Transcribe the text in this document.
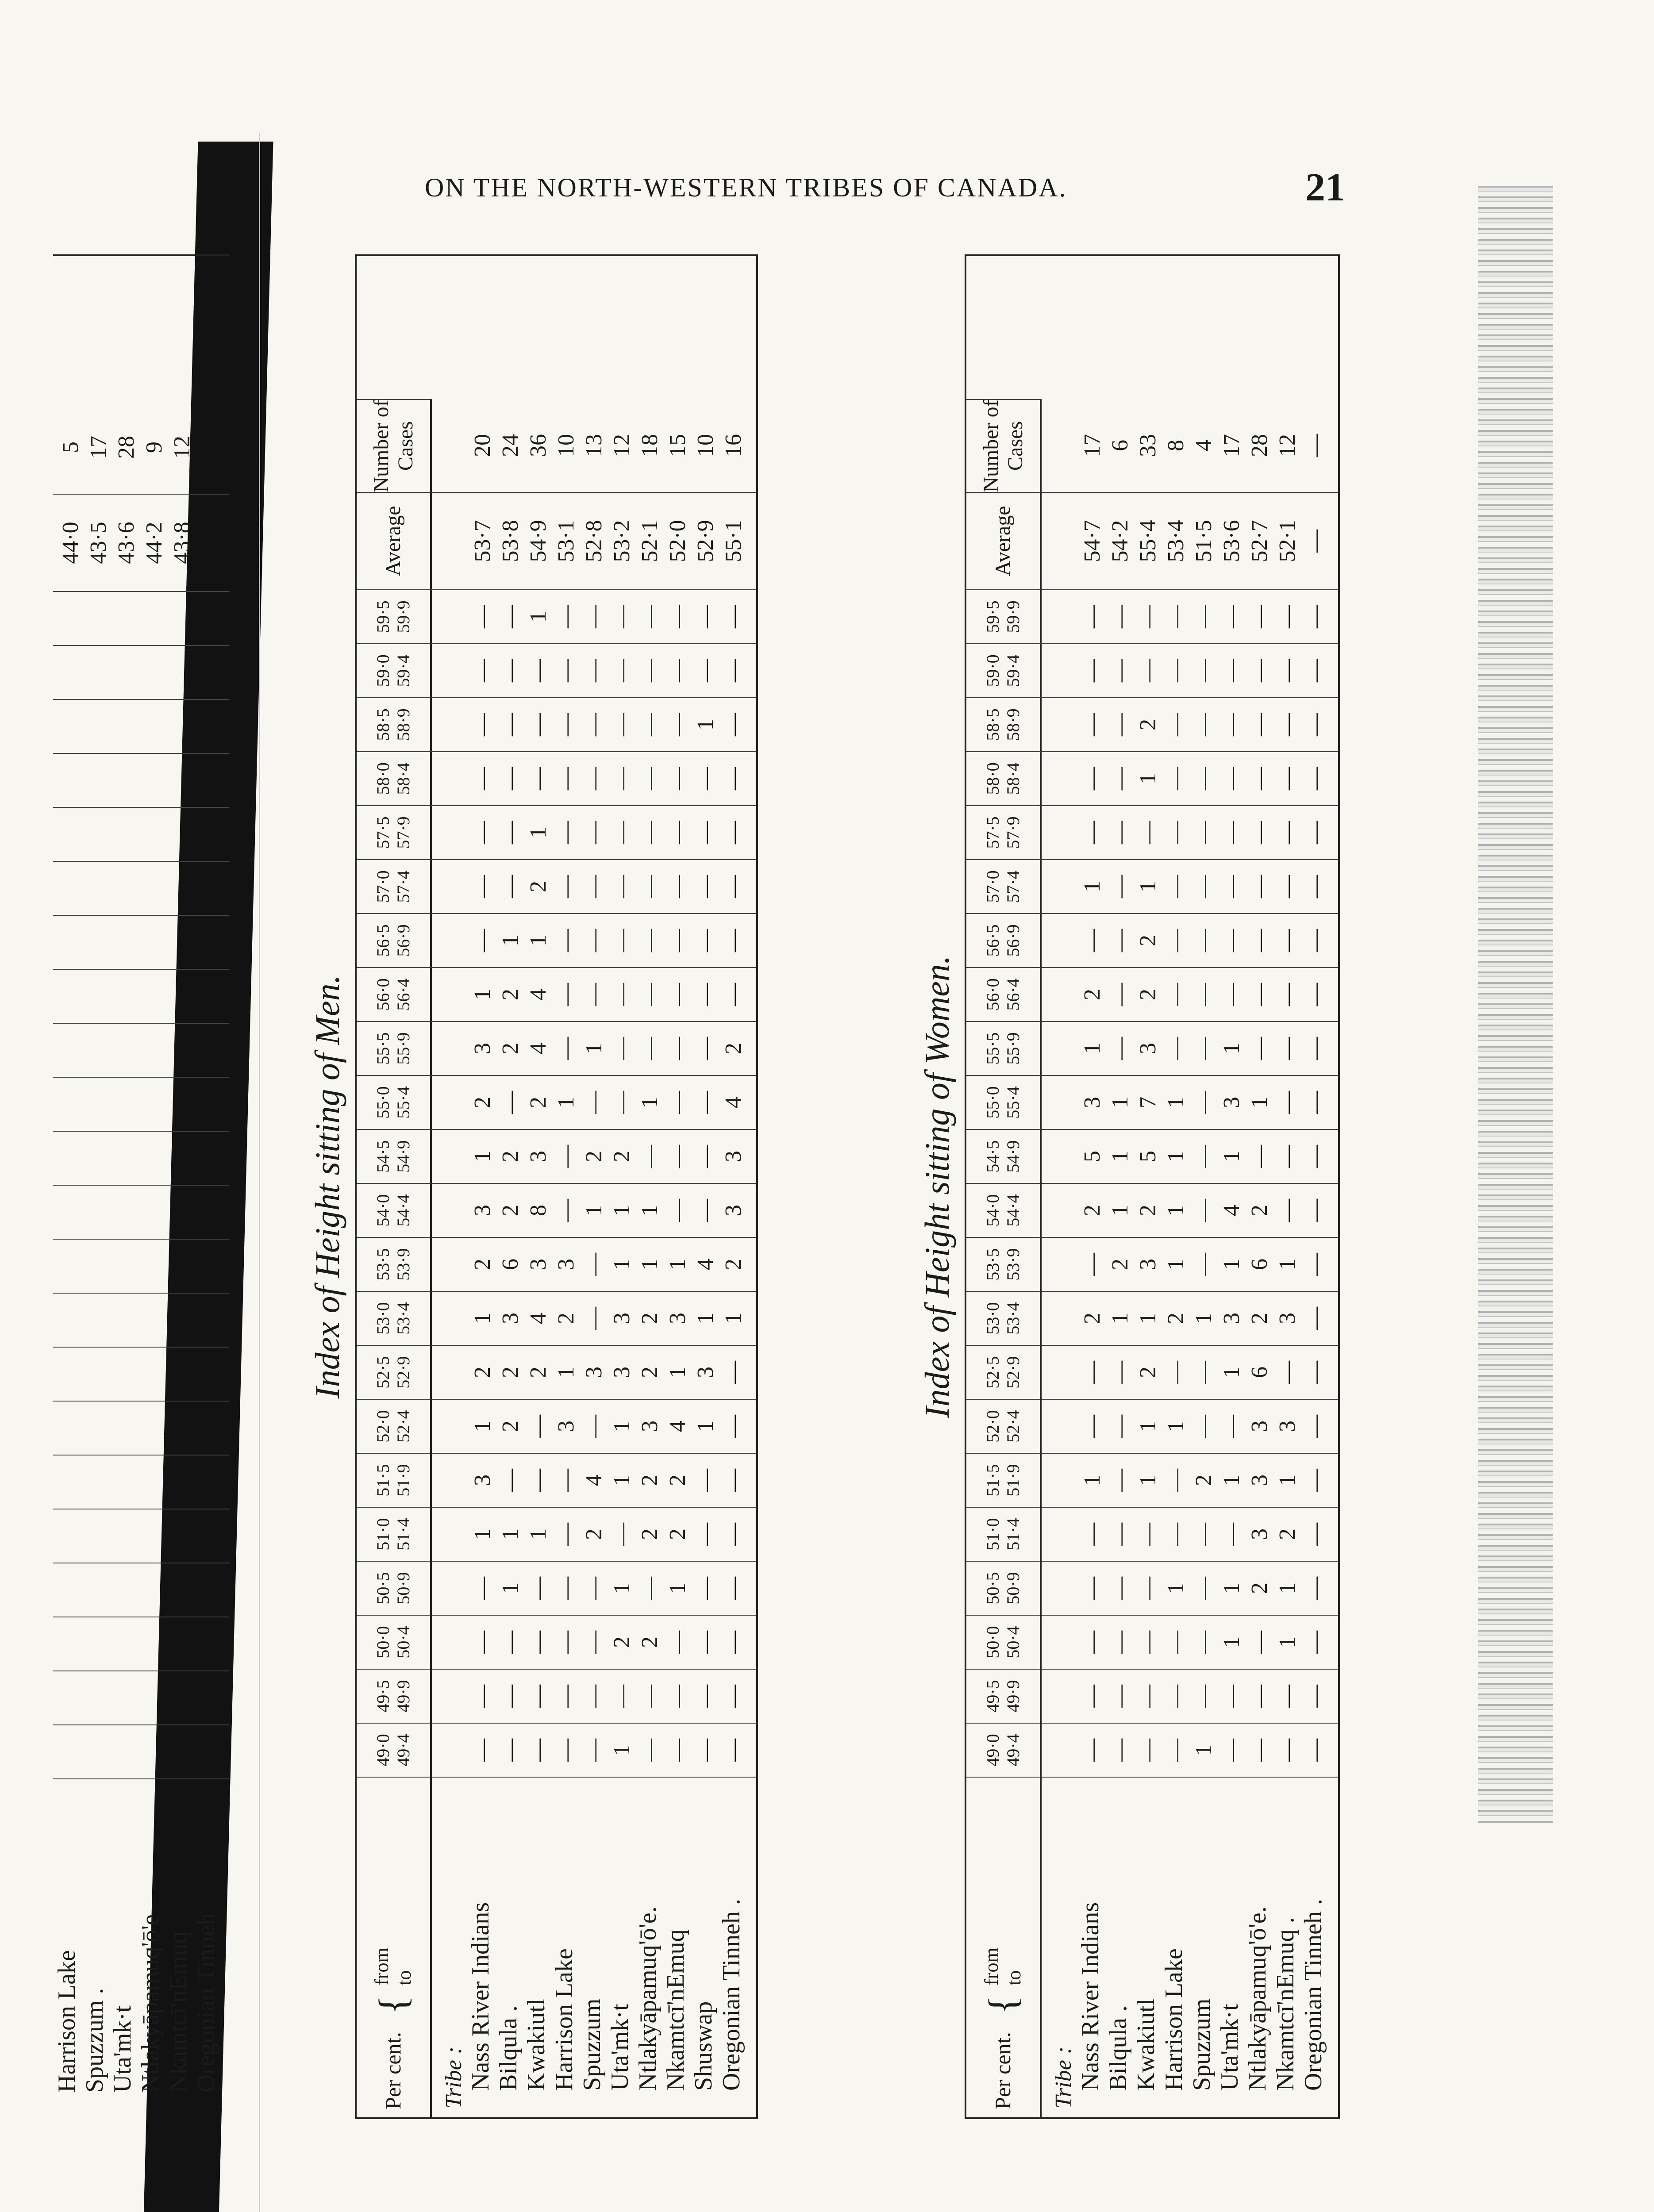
ON THE NORTH-WESTERN TRIBES OF CANADA.	21
Harrison Lake Spuzzum . Uta'mk·t Ntlakyāpamuq'ō'e Nkamtcī'nEmuq Oregonian Tinneh
44·0 43·5 43·6 44·2 43·8
5 17 28 9 12
Index of Height sitting of Men.
Per cent.
{
from to
49·0 49·4
49·5 49·9
50·0 50·4
50·5 50·9
51·0 51·4
51·5 51·9
52·0 52·4
52·5 52·9
53·0 53·4
53·5 53·9
54·0 54·4
54·5 54·9
55·0 55·4
55·5 55·9
56·0 56·4
56·5 56·9
57·0 57·4
57·5 57·9
58·0 58·4
58·5 58·9
59·0 59·4
59·5 59·9
Average
Number of Cases
Tribe : Nass River Indians Bilqula . Kwakiutl Harrison Lake Spuzzum Uta'mk·t Ntlakyāpamuq'ō'e. Nkamtcī'nEmuq Shuswap Oregonian Tinneh .
— — — — — 1 — — — —
— — — — — — — — — —
— — — — — 2 2 — — —
— 1 — — — 1 — 1 — —
1 1 1 — 2 — 2 2 — —
3 — — — 4 1 2 2 — —
1 2 — 3 — 1 3 4 1 —
2 2 2 1 3 3 2 1 3 —
1 3 4 2 — 3 2 3 1 1
2 6 3 3 — 1 1 1 4 2
3 2 8 — 1 1 1 — — 3
1 2 3 — 2 2 — — — 3
2 — 2 1 — — 1 — — 4
3 2 4 — 1 — — — — 2
1 2 4 — — — — — — —
— 1 1 — — — — — — —
— — 2 — — — — — — —
— — 1 — — — — — — —
— — — — — — — — — —
— — — — — — — — 1 —
— — — — — — — — — —
— — 1 — — — — — — —
53·7 53·8 54·9 53·1 52·8 53·2 52·1 52·0 52·9 55·1
20 24 36 10 13 12 18 15 10 16
Index of Height sitting of Women.
Per cent.
{
from to
49·0 49·4
49·5 49·9
50·0 50·4
50·5 50·9
51·0 51·4
51·5 51·9
52·0 52·4
52·5 52·9
53·0 53·4
53·5 53·9
54·0 54·4
54·5 54·9
55·0 55·4
55·5 55·9
56·0 56·4
56·5 56·9
57·0 57·4
57·5 57·9
58·0 58·4
58·5 58·9
59·0 59·4
59·5 59·9
Average
Number of Cases
Tribe : Nass River Indians Bilqula . Kwakiutl Harrison Lake Spuzzum Uta'mk·t Ntlakyāpamuq'ō'e. Nkamtcī'nEmuq . Oregonian Tinneh .
— — — — 1 — — — —
— — — — — — — — —
— — — — — 1 — 1 —
— — — 1 — 1 2 1 —
— — — — — — 3 2 —
1 — 1 — 2 1 3 1 —
— — 1 1 — — 3 3 —
— — 2 — — 1 6 — —
2 1 1 2 1 3 2 3 —
— 2 3 1 — 1 6 1 —
2 1 2 1 — 4 2 — —
5 1 5 1 — 1 — — —
3 1 7 1 — 3 1 — —
1 — 3 — — 1 — — —
2 — 2 — — — — — —
— — 2 — — — — — —
1 — 1 — — — — — —
— — — — — — — — —
— — 1 — — — — — —
— — 2 — — — — — —
— — — — — — — — —
— — — — — — — — —
54·7 54·2 55·4 53·4 51·5 53·6 52·7 52·1 —
17 6 33 8 4 17 28 12 —
